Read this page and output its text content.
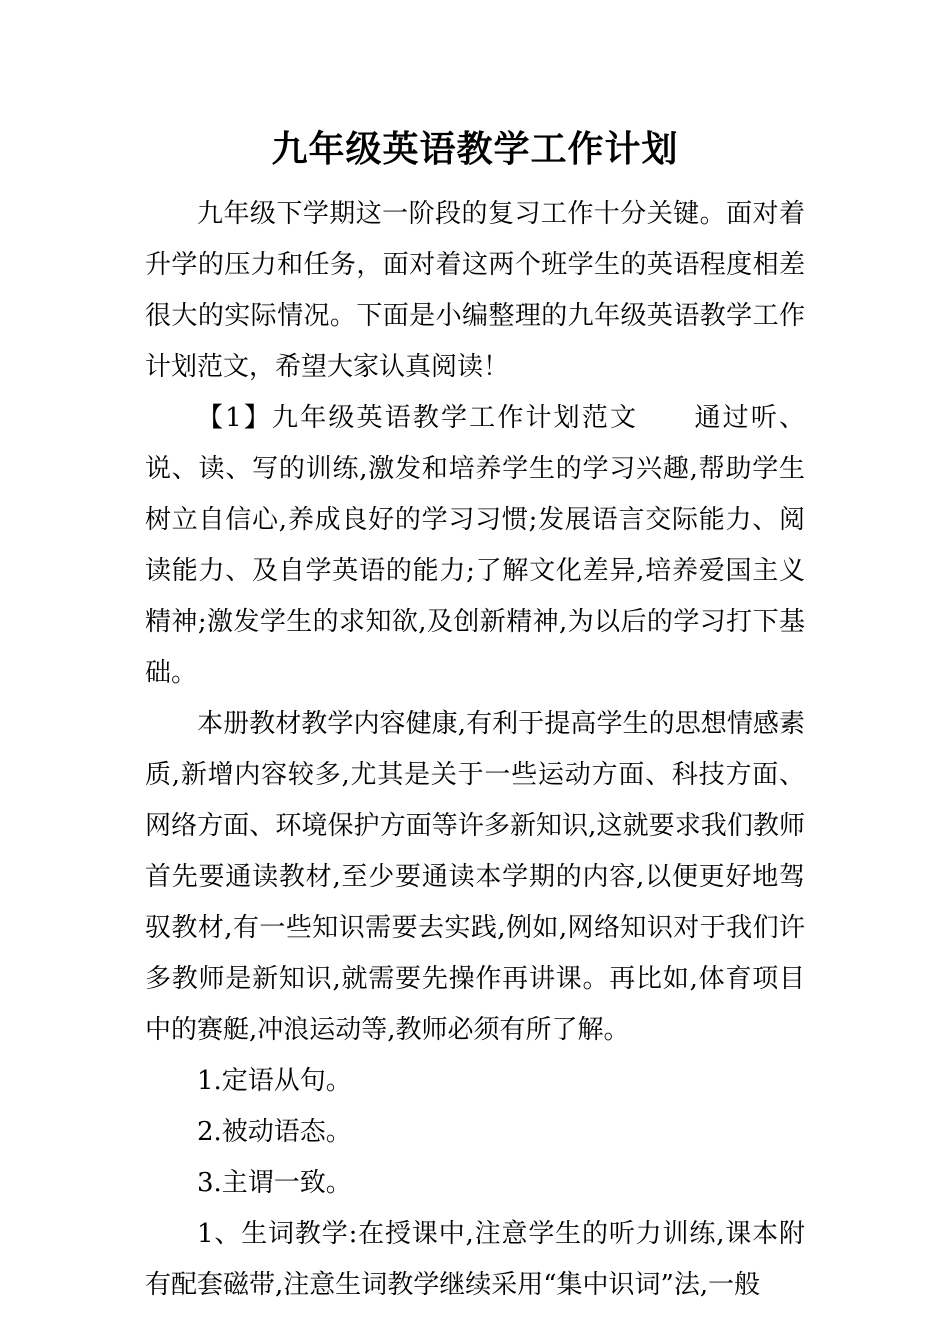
九年级英语教学工作计划

九年级下学期这一阶段的复习工作十分关键。面对着升学的压力和任务，面对着这两个班学生的英语程度相差很大的实际情况。下面是小编整理的九年级英语教学工作计划范文，希望大家认真阅读！

【1】九年级英语教学工作计划范文　　通过听、说、读、写的训练,激发和培养学生的学习兴趣,帮助学生树立自信心,养成良好的学习习惯;发展语言交际能力、阅读能力、及自学英语的能力;了解文化差异,培养爱国主义精神;激发学生的求知欲,及创新精神,为以后的学习打下基础。

本册教材教学内容健康,有利于提高学生的思想情感素质,新增内容较多,尤其是关于一些运动方面、科技方面、网络方面、环境保护方面等许多新知识,这就要求我们教师首先要通读教材,至少要通读本学期的内容,以便更好地驾驭教材,有一些知识需要去实践,例如,网络知识对于我们许多教师是新知识,就需要先操作再讲课。再比如,体育项目中的赛艇,冲浪运动等,教师必须有所了解。

1.定语从句。

2.被动语态。

3.主谓一致。

1、生词教学:在授课中,注意学生的听力训练,课本附有配套磁带,注意生词教学继续采用“集中识词”法,一般
